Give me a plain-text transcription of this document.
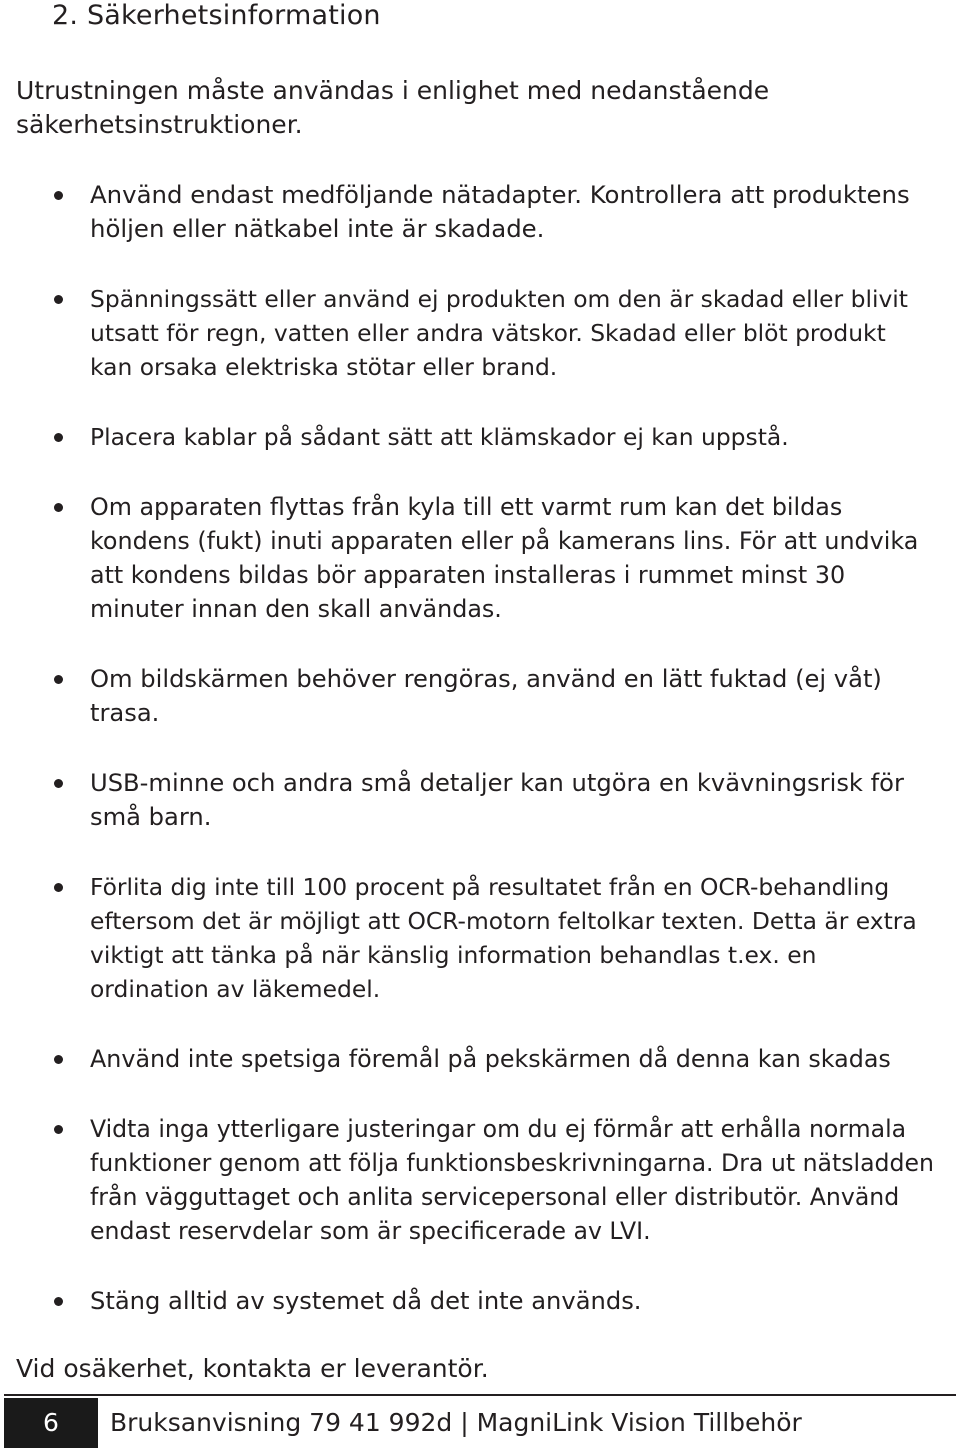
2. Säkerhetsinformation

Utrustningen måste användas i enlighet med nedanstående säkerhetsinstruktioner.

Använd endast medföljande nätadapter. Kontrollera att produktens höljen eller nätkabel inte är skadade.

Spänningssätt eller använd ej produkten om den är skadad eller blivit utsatt för regn, vatten eller andra vätskor. Skadad eller blöt produkt kan orsaka elektriska stötar eller brand.

Placera kablar på sådant sätt att klämskador ej kan uppstå.

Om apparaten flyttas från kyla till ett varmt rum kan det bildas kondens (fukt) inuti apparaten eller på kamerans lins. För att undvika att kondens bildas bör apparaten installeras i rummet minst 30 minuter innan den skall användas.

Om bildskärmen behöver rengöras, använd en lätt fuktad (ej våt) trasa.

USB-minne och andra små detaljer kan utgöra en kvävningsrisk för små barn.

Förlita dig inte till 100 procent på resultatet från en OCR-behandling eftersom det är möjligt att OCR-motorn feltolkar texten. Detta är extra viktigt att tänka på när känslig information behandlas t.ex. en ordination av läkemedel.

Använd inte spetsiga föremål på pekskärmen då denna kan skadas

Vidta inga ytterligare justeringar om du ej förmår att erhålla normala funktioner genom att följa funktionsbeskrivningarna. Dra ut nätsladden från vägguttaget och anlita servicepersonal eller distributör. Använd endast reservdelar som är specificerade av LVI.

Stäng alltid av systemet då det inte används.

Vid osäkerhet, kontakta er leverantör.

6	Bruksanvisning 79 41 992d | MagniLink Vision Tillbehör
